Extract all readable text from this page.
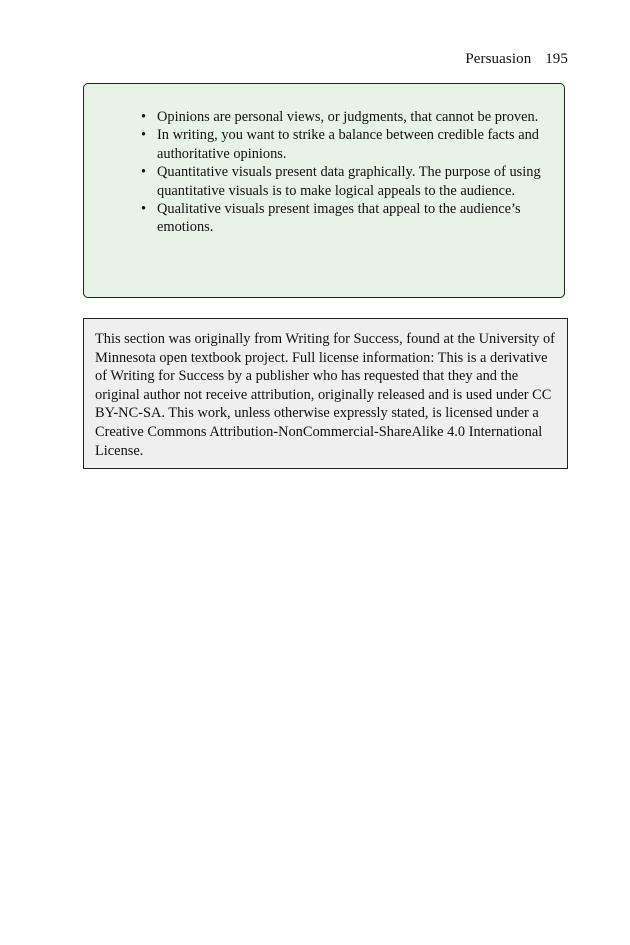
Persuasion 195
• Opinions are personal views, or judgments, that cannot be proven.
• In writing, you want to strike a balance between credible facts and authoritative opinions.
• Quantitative visuals present data graphically. The purpose of using quantitative visuals is to make logical appeals to the audience.
• Qualitative visuals present images that appeal to the audience’s emotions.

This section was originally from Writing for Success, found at the University of Minnesota open textbook project. Full license information: This is a derivative of Writing for Success by a publisher who has requested that they and the original author not receive attribution, originally released and is used under CC BY-NC-SA. This work, unless otherwise expressly stated, is licensed under a Creative Commons Attribution-NonCommercial-ShareAlike 4.0 International License.
